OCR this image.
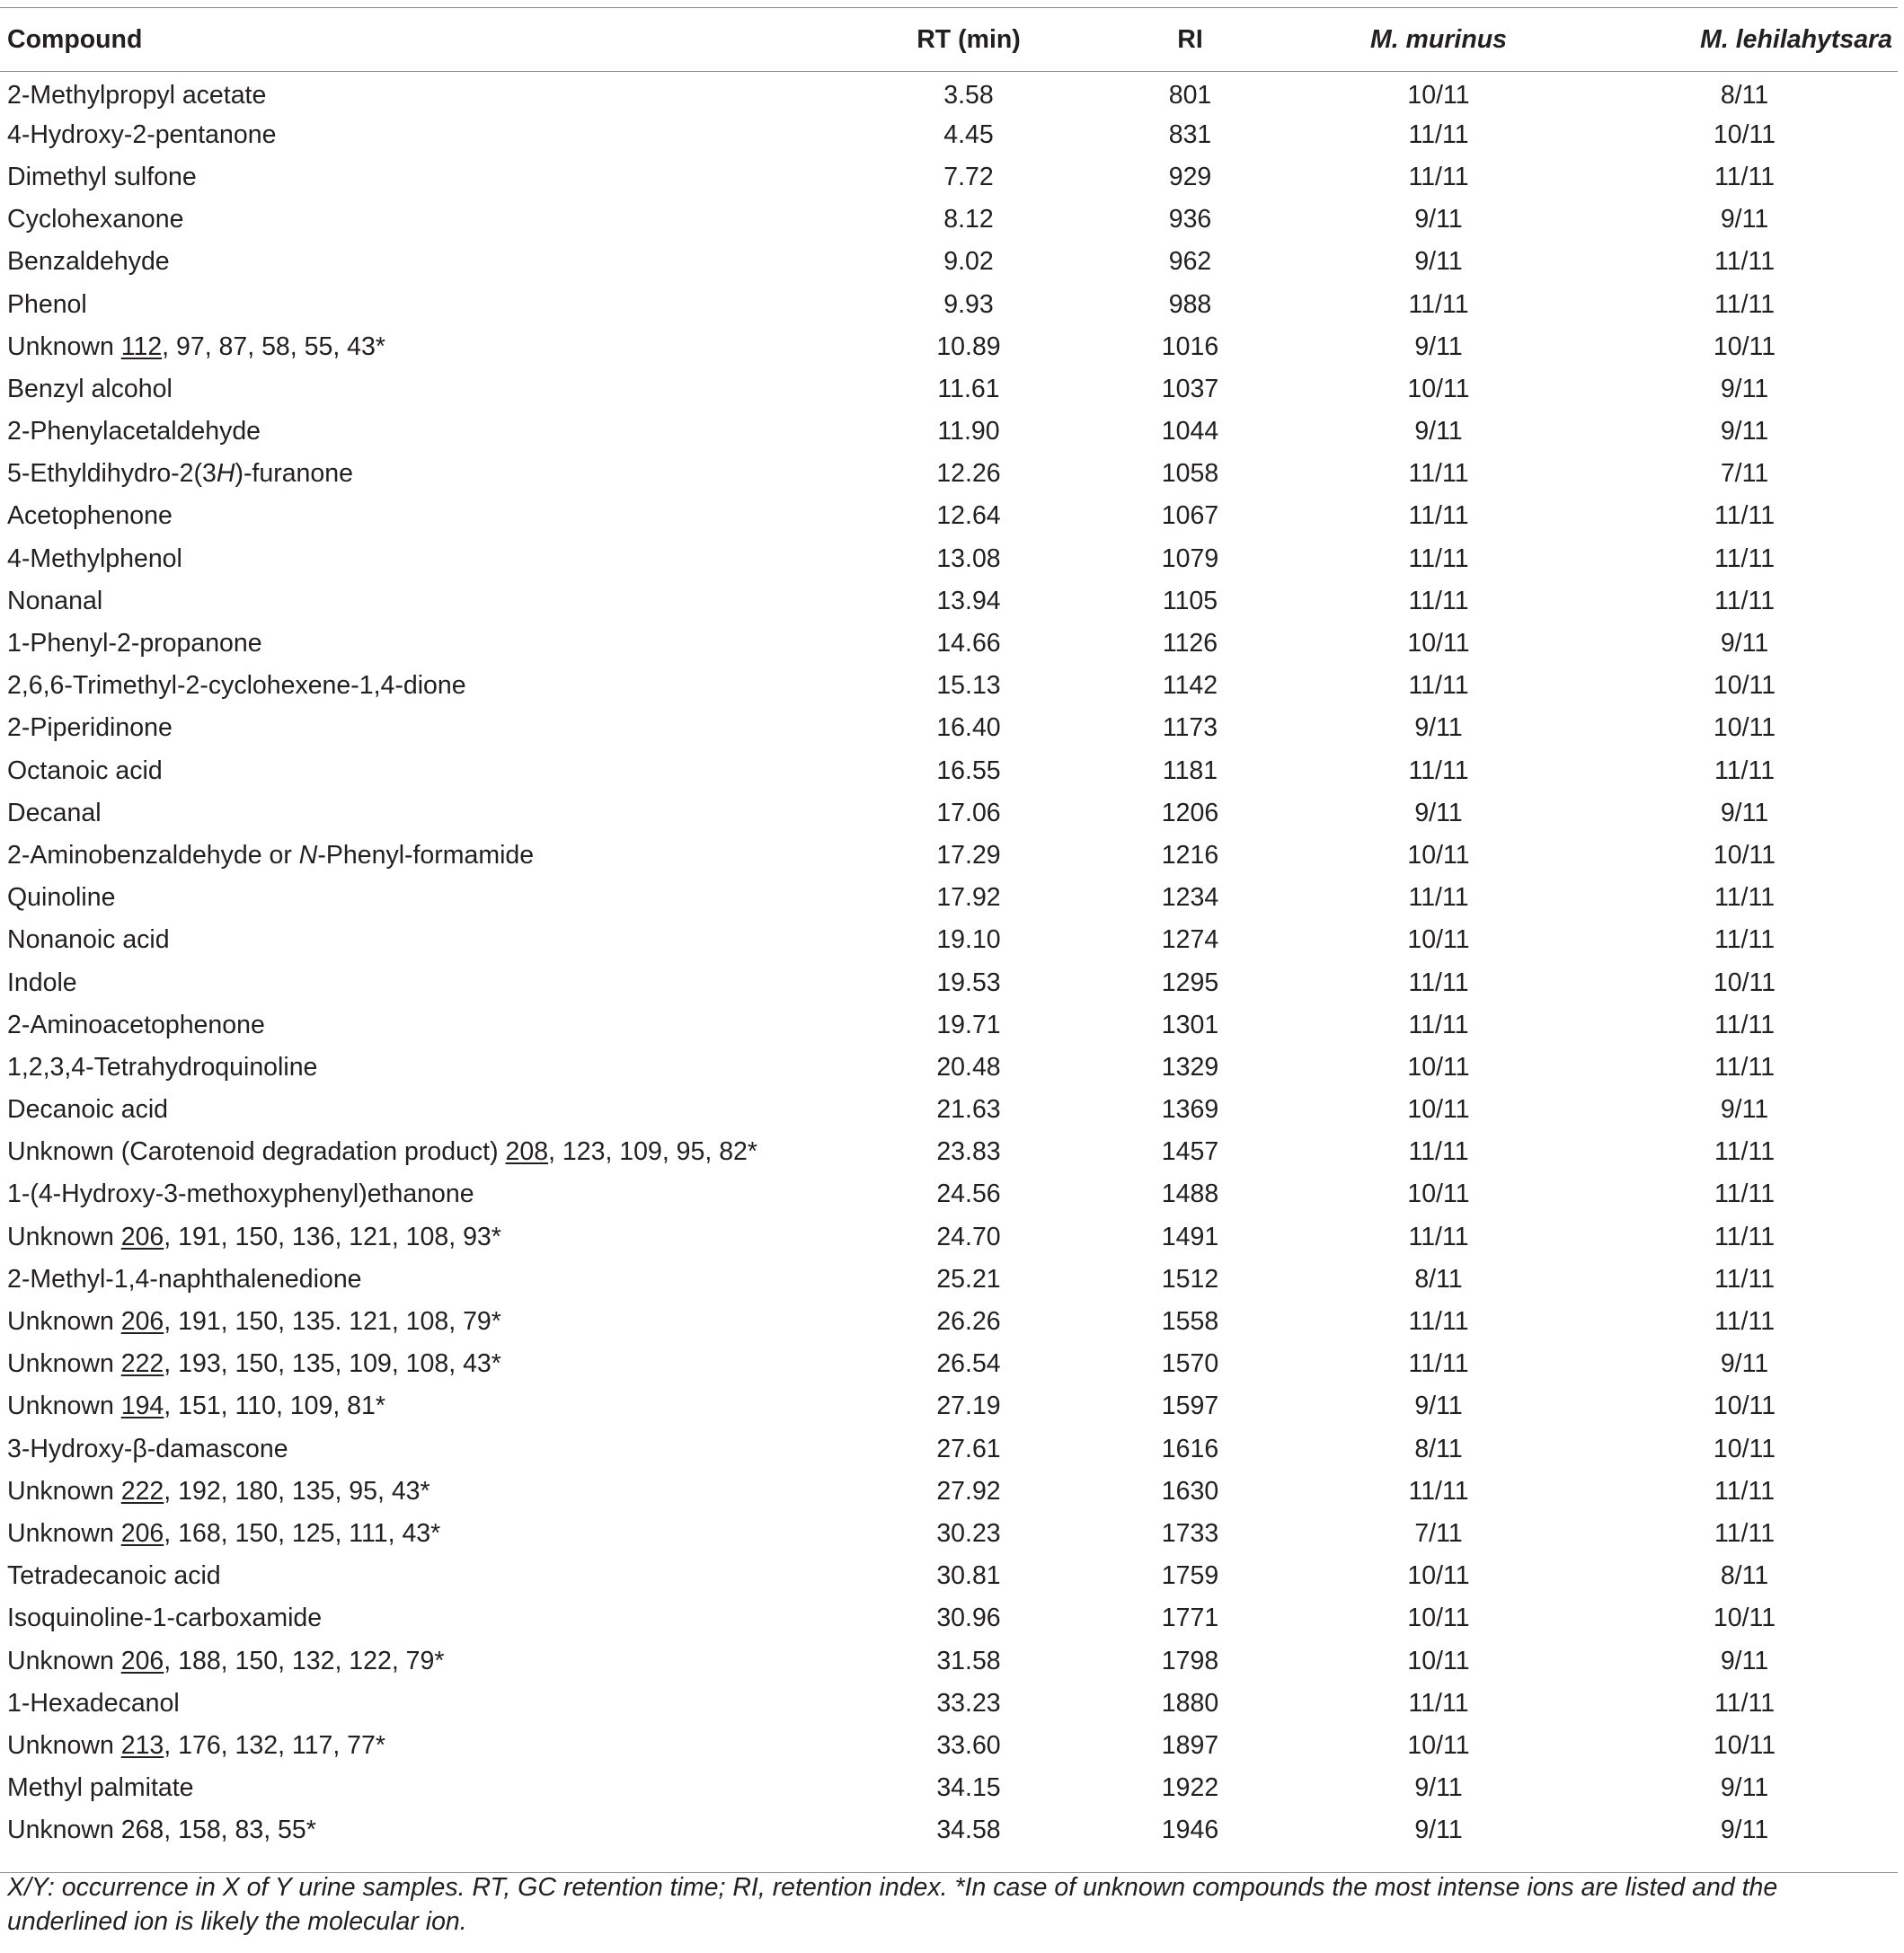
Compound	RT (min)	RI	M. murinus	M. lehilahytsara
2-Methylpropyl acetate	3.58	801	10/11	8/11
4-Hydroxy-2-pentanone	4.45	831	11/11	10/11
Dimethyl sulfone	7.72	929	11/11	11/11
Cyclohexanone	8.12	936	9/11	9/11
Benzaldehyde	9.02	962	9/11	11/11
Phenol	9.93	988	11/11	11/11
Unknown 112, 97, 87, 58, 55, 43*	10.89	1016	9/11	10/11
Benzyl alcohol	11.61	1037	10/11	9/11
2-Phenylacetaldehyde	11.90	1044	9/11	9/11
5-Ethyldihydro-2(3H)-furanone	12.26	1058	11/11	7/11
Acetophenone	12.64	1067	11/11	11/11
4-Methylphenol	13.08	1079	11/11	11/11
Nonanal	13.94	1105	11/11	11/11
1-Phenyl-2-propanone	14.66	1126	10/11	9/11
2,6,6-Trimethyl-2-cyclohexene-1,4-dione	15.13	1142	11/11	10/11
2-Piperidinone	16.40	1173	9/11	10/11
Octanoic acid	16.55	1181	11/11	11/11
Decanal	17.06	1206	9/11	9/11
2-Aminobenzaldehyde or N-Phenyl-formamide	17.29	1216	10/11	10/11
Quinoline	17.92	1234	11/11	11/11
Nonanoic acid	19.10	1274	10/11	11/11
Indole	19.53	1295	11/11	10/11
2-Aminoacetophenone	19.71	1301	11/11	11/11
1,2,3,4-Tetrahydroquinoline	20.48	1329	10/11	11/11
Decanoic acid	21.63	1369	10/11	9/11
Unknown (Carotenoid degradation product) 208, 123, 109, 95, 82*	23.83	1457	11/11	11/11
1-(4-Hydroxy-3-methoxyphenyl)ethanone	24.56	1488	10/11	11/11
Unknown 206, 191, 150, 136, 121, 108, 93*	24.70	1491	11/11	11/11
2-Methyl-1,4-naphthalenedione	25.21	1512	8/11	11/11
Unknown 206, 191, 150, 135. 121, 108, 79*	26.26	1558	11/11	11/11
Unknown 222, 193, 150, 135, 109, 108, 43*	26.54	1570	11/11	9/11
Unknown 194, 151, 110, 109, 81*	27.19	1597	9/11	10/11
3-Hydroxy-β-damascone	27.61	1616	8/11	10/11
Unknown 222, 192, 180, 135, 95, 43*	27.92	1630	11/11	11/11
Unknown 206, 168, 150, 125, 111, 43*	30.23	1733	7/11	11/11
Tetradecanoic acid	30.81	1759	10/11	8/11
Isoquinoline-1-carboxamide	30.96	1771	10/11	10/11
Unknown 206, 188, 150, 132, 122, 79*	31.58	1798	10/11	9/11
1-Hexadecanol	33.23	1880	11/11	11/11
Unknown 213, 176, 132, 117, 77*	33.60	1897	10/11	10/11
Methyl palmitate	34.15	1922	9/11	9/11
Unknown 268, 158, 83, 55*	34.58	1946	9/11	9/11
X/Y: occurrence in X of Y urine samples. RT, GC retention time; RI, retention index. *In case of unknown compounds the most intense ions are listed and the underlined ion is likely the molecular ion.
